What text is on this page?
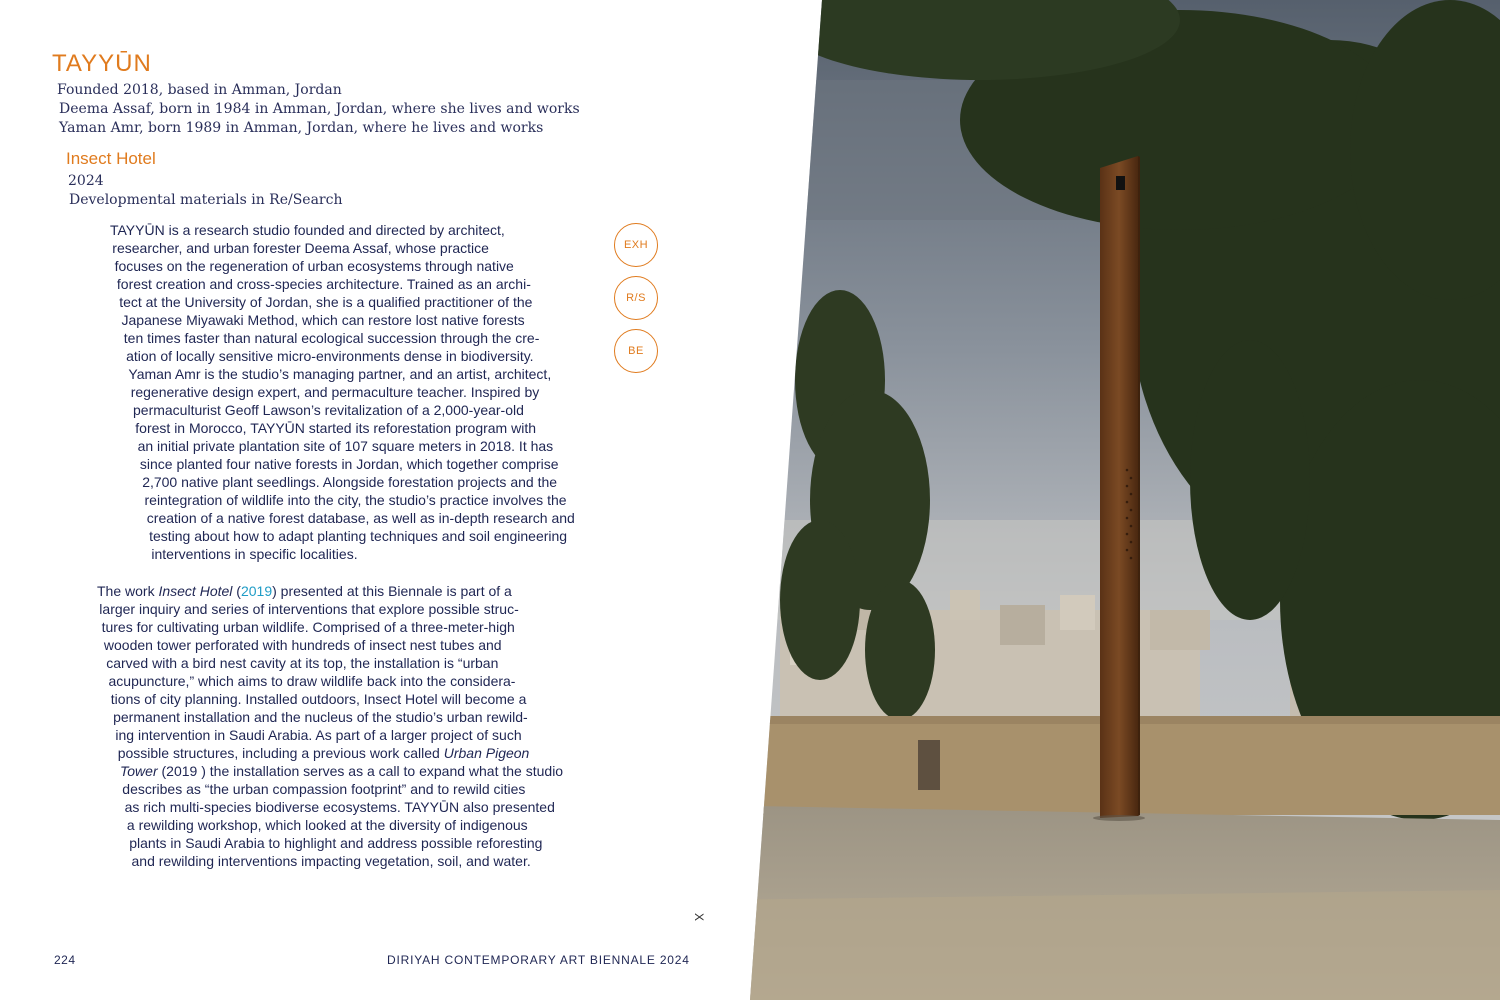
TAYYŪN
Founded 2018, based in Amman, Jordan
Deema Assaf, born in 1984 in Amman, Jordan, where she lives and works
Yaman Amr, born 1989 in Amman, Jordan, where he lives and works
Insect Hotel
2024
Developmental materials in Re/Search

TAYYŪN is a research studio founded and directed by architect,
researcher, and urban forester Deema Assaf, whose practice
focuses on the regeneration of urban ecosystems through native
forest creation and cross-species architecture. Trained as an archi-
tect at the University of Jordan, she is a qualified practitioner of the
Japanese Miyawaki Method, which can restore lost native forests
ten times faster than natural ecological succession through the cre-
ation of locally sensitive micro-environments dense in biodiversity.
Yaman Amr is the studio’s managing partner, and an artist, architect,
regenerative design expert, and permaculture teacher. Inspired by
permaculturist Geoff Lawson’s revitalization of a 2,000-year-old
forest in Morocco, TAYYŪN started its reforestation program with
an initial private plantation site of 107 square meters in 2018. It has
since planted four native forests in Jordan, which together comprise
2,700 native plant seedlings. Alongside forestation projects and the
reintegration of wildlife into the city, the studio’s practice involves the
creation of a native forest database, as well as in-depth research and
testing about how to adapt planting techniques and soil engineering
interventions in specific localities.

The work Insect Hotel (2019) presented at this Biennale is part of a
larger inquiry and series of interventions that explore possible struc-
tures for cultivating urban wildlife. Comprised of a three-meter-high
wooden tower perforated with hundreds of insect nest tubes and
carved with a bird nest cavity at its top, the installation is “urban
acupuncture,” which aims to draw wildlife back into the considera-
tions of city planning. Installed outdoors, Insect Hotel will become a
permanent installation and the nucleus of the studio’s urban rewild-
ing intervention in Saudi Arabia. As part of a larger project of such
possible structures, including a previous work called Urban Pigeon
Tower (2019 ) the installation serves as a call to expand what the studio
describes as “the urban compassion footprint” and to rewild cities
as rich multi-species biodiverse ecosystems. TAYYŪN also presented
a rewilding workshop, which looked at the diversity of indigenous
plants in Saudi Arabia to highlight and address possible reforesting
and rewilding interventions impacting vegetation, soil, and water.

EXH
R/S
BE
X
224	DIRIYAH CONTEMPORARY ART BIENNALE 2024
